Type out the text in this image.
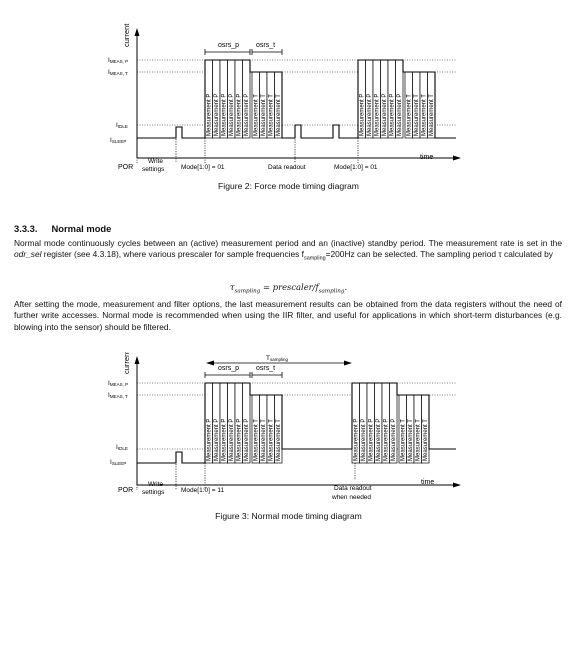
current
time
IMEAS, P
IMEAS, T
IIDLE
ISLEEP
Measurement P Measurement P Measurement P Measurement P Measurement P Measurement P Measurement T Measurement T Measurement T Measurement T	Measurement P Measurement P Measurement P Measurement P Measurement P Measurement P Measurement T Measurement T Measurement T Measurement T
osrs_p osrs_t
POR
Write
settings	Mode[1:0] = 01	Data readout	Mode[1:0] = 01
Figure 2: Force mode timing diagram
3.3.3. Normal mode
Normal mode continuously cycles between an (active) measurement period and an (inactive) standby period. The measurement rate is set in the odr_sel register (see 4.3.18), where various prescaler for sample frequencies $f_{sampling}=200Hz$ can be selected. The sampling period τ calculated by
$\tau_{sampling}$ = prescaler/$f_{sampling}$.
After setting the mode, measurement and filter options, the last measurement results can be obtained from the data registers without the need of further write accesses. Normal mode is recommended when using the IIR filter, and useful for applications in which short-term disturbances (e.g. blowing into the sensor) should be filtered.
current
time
IMEAS, P
IMEAS, T
IIDLE
ISLEEP
Tsampling
Measurement P Measurement P Measurement P Measurement P Measurement P Measurement P Measurement T Measurement T Measurement T Measurement T	Measurement P Measurement P Measurement P Measurement P Measurement P Measurement P Measurement T Measurement T Measurement T Measurement T
osrs_p osrs_t
POR
Write
settings	Mode[1:0] = 11	Data readout
when needed
Figure 3: Normal mode timing diagram
